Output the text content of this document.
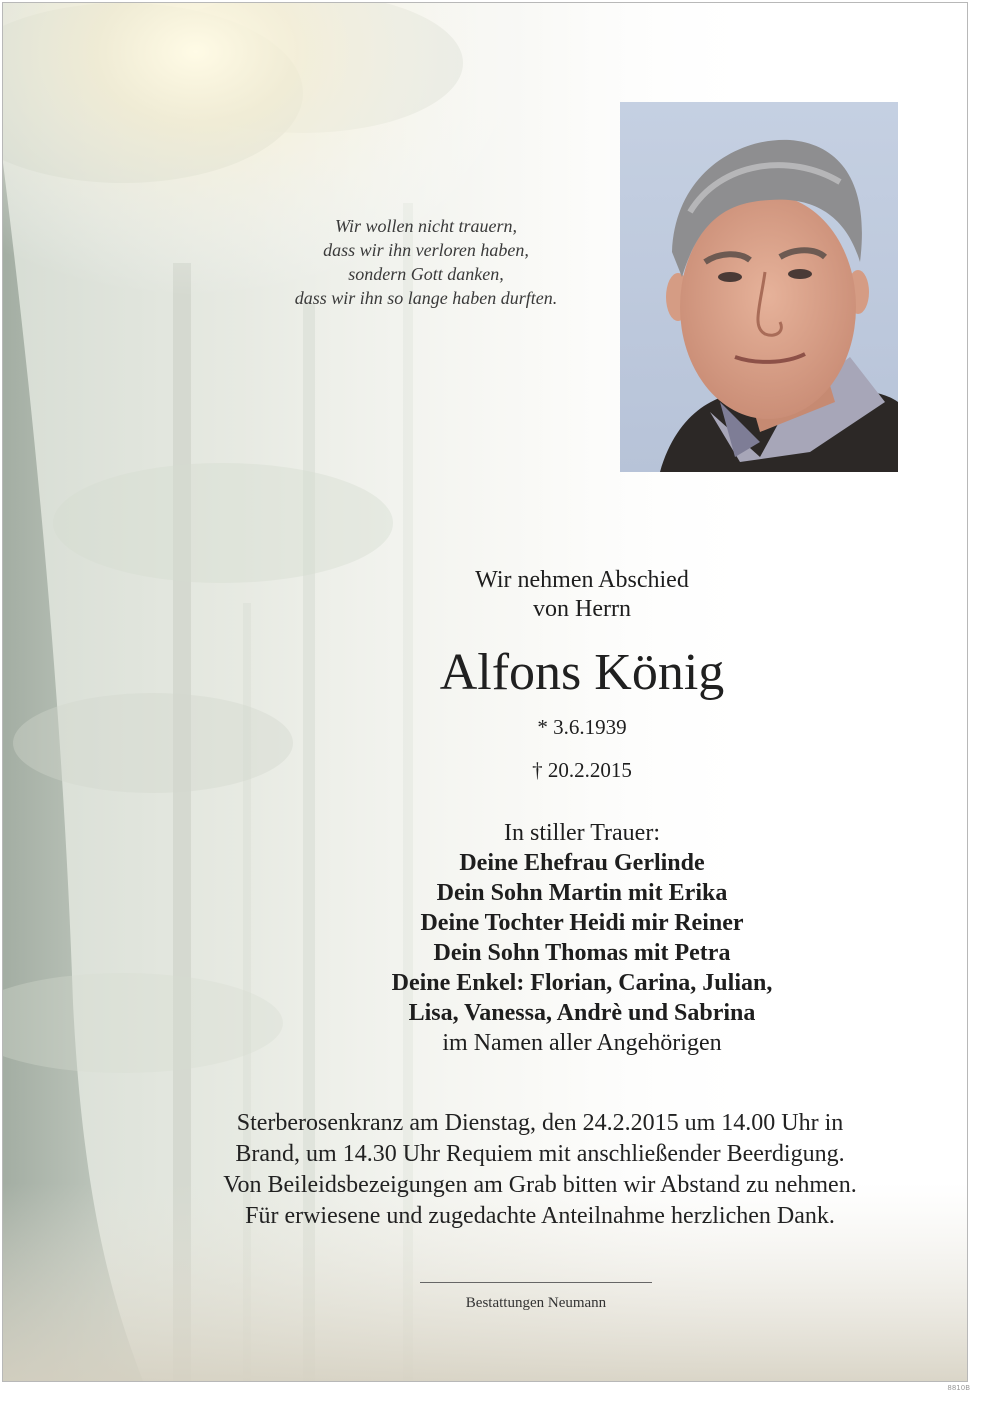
Wir wollen nicht trauern,
dass wir ihn verloren haben,
sondern Gott danken,
dass wir ihn so lange haben durften.
Wir nehmen Abschied
von Herrn
Alfons König
* 3.6.1939
† 20.2.2015
In stiller Trauer:
Deine Ehefrau Gerlinde
Dein Sohn Martin mit Erika
Deine Tochter Heidi mir Reiner
Dein Sohn Thomas mit Petra
Deine Enkel: Florian, Carina, Julian,
Lisa, Vanessa, Andrè und Sabrina
im Namen aller Angehörigen
Sterberosenkranz am Dienstag, den 24.2.2015 um 14.00 Uhr in
Brand, um 14.30 Uhr Requiem mit anschließender Beerdigung.
Von Beileidsbezeigungen am Grab bitten wir Abstand zu nehmen.
Für erwiesene und zugedachte Anteilnahme herzlichen Dank.
Bestattungen Neumann
8810B
